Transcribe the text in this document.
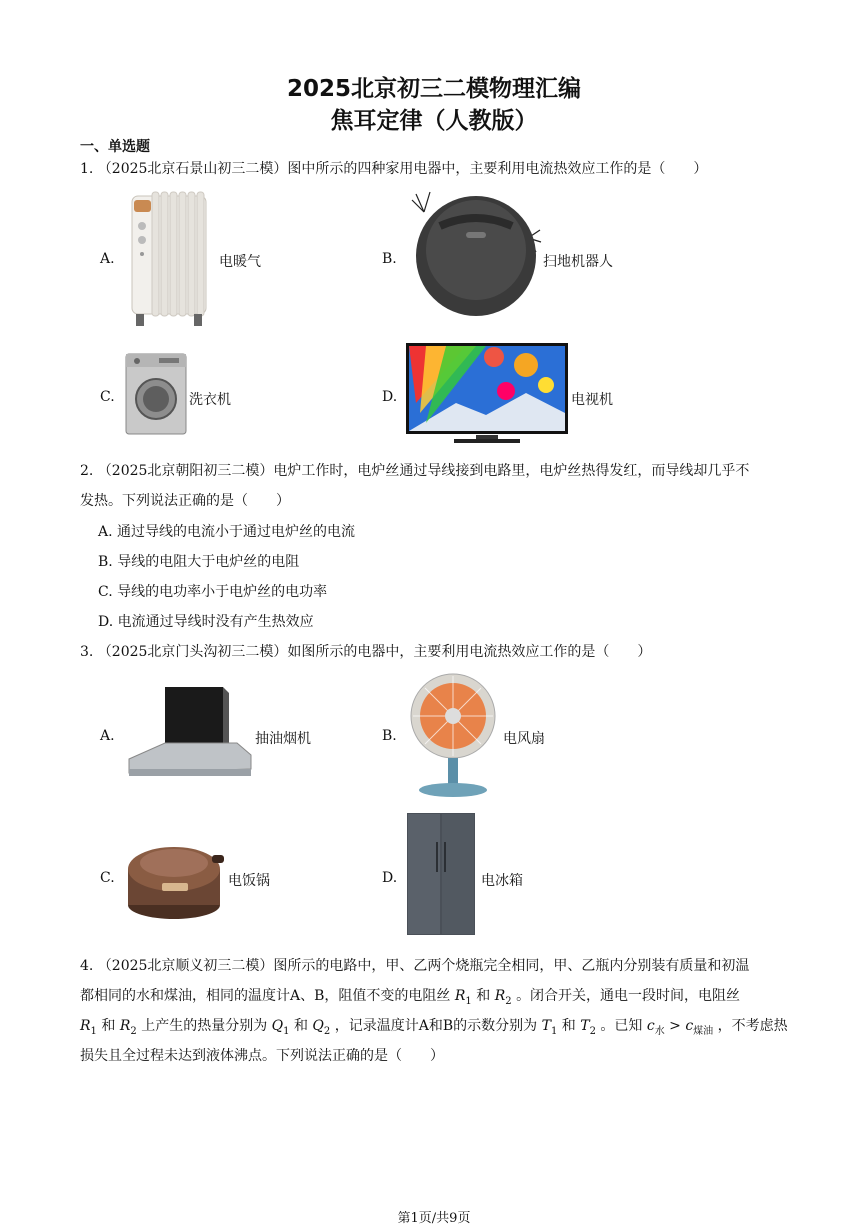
2025北京初三二模物理汇编
焦耳定律（人教版）
一、单选题
1. （2025北京石景山初三二模）图中所示的四种家用电器中，主要利用电流热效应工作的是（　　）
A.	电暖气	B.	扫地机器人
C.	洗衣机	D.	电视机
2. （2025北京朝阳初三二模）电炉工作时，电炉丝通过导线接到电路里，电炉丝热得发红，而导线却几乎不
发热。下列说法正确的是（　　）
A. 通过导线的电流小于通过电炉丝的电流
B. 导线的电阻大于电炉丝的电阻
C. 导线的电功率小于电炉丝的电功率
D. 电流通过导线时没有产生热效应
3. （2025北京门头沟初三二模）如图所示的电器中，主要利用电流热效应工作的是（　　）
A.	抽油烟机	B.	电风扇
C.	电饭锅	D.	电冰箱
4. （2025北京顺义初三二模）图所示的电路中，甲、乙两个烧瓶完全相同，甲、乙瓶内分别装有质量和初温
都相同的水和煤油，相同的温度计A、B，阻值不变的电阻丝 $R_1$ 和 $R_2$ 。闭合开关，通电一段时间，电阻丝
$R_1$ 和 $R_2$ 上产生的热量分别为 $Q_1$ 和 $Q_2$ ，记录温度计A和B的示数分别为 $T_1$ 和 $T_2$ 。已知 $c_水 > c_{煤油}$ ，不考虑热
损失且全过程未达到液体沸点。下列说法正确的是（　　）
第1页/共9页
